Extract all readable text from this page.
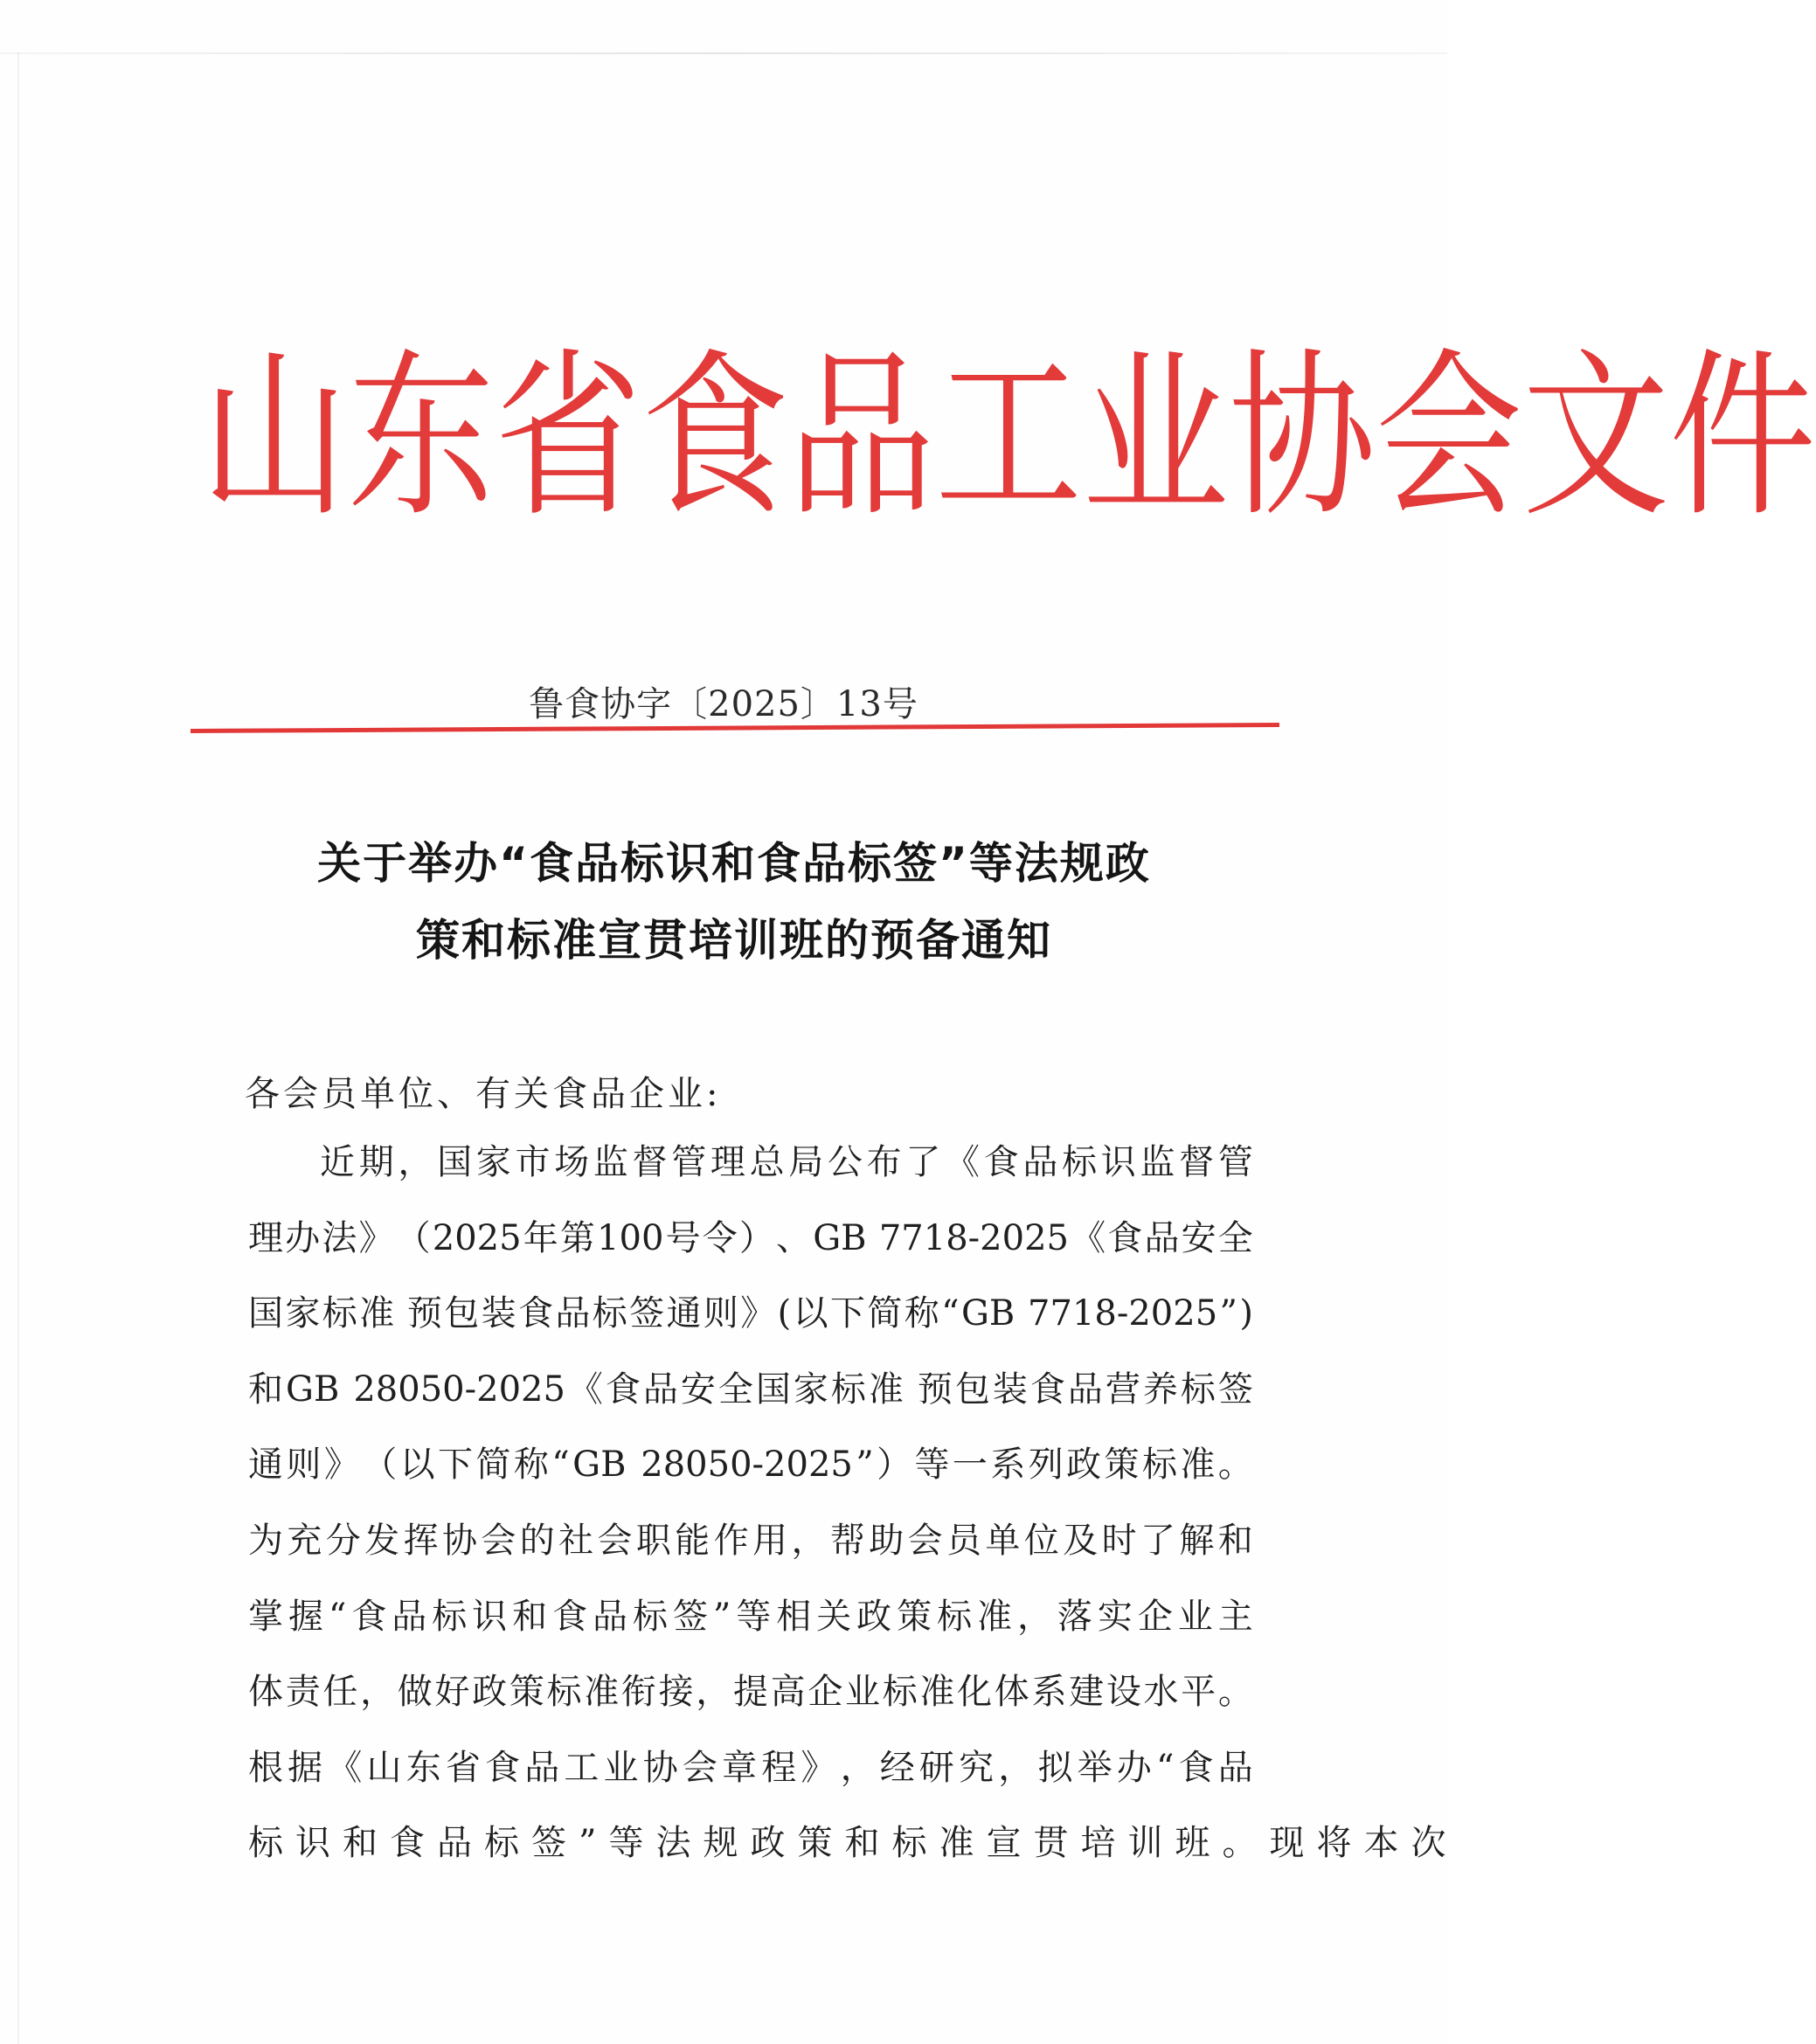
山 东 省 食 品 工 业 协 会 文 件
鲁食协字〔2025〕13号
关于举办“食品标识和食品标签”等法规政
策和标准宣贯培训班的预备通知
各会员单位、有关食品企业:
近 期 ， 国 家 市 场 监 督 管 理 总 局 公 布 了 《 食 品 标 识 监 督 管
理 办 法 》 （ 2025 年 第 100 号 令 ） 、 GB 7718-2025 《 食 品 安 全
国 家 标 准 预 包 装 食 品 标 签 通 则 》 ( 以 下 简 称 “ GB 7718-2025 ” )
和 GB 28050-2025 《 食 品 安 全 国 家 标 准 预 包 装 食 品 营 养 标 签
通 则 》 （ 以 下 简 称 “ GB 28050-2025 ” ） 等 一 系 列 政 策 标 准 。
为 充 分 发 挥 协 会 的 社 会 职 能 作 用 ， 帮 助 会 员 单 位 及 时 了 解 和
掌 握 “ 食 品 标 识 和 食 品 标 签 ” 等 相 关 政 策 标 准 ， 落 实 企 业 主
体 责 任 ， 做 好 政 策 标 准 衔 接 ， 提 高 企 业 标 准 化 体 系 建 设 水 平 。
根 据 《 山 东 省 食 品 工 业 协 会 章 程 》 ， 经 研 究 ， 拟 举 办 “ 食 品
标 识 和 食 品 标 签 ” 等 法 规 政 策 和 标 准 宣 贯 培 训 班 。 现 将 本 次
